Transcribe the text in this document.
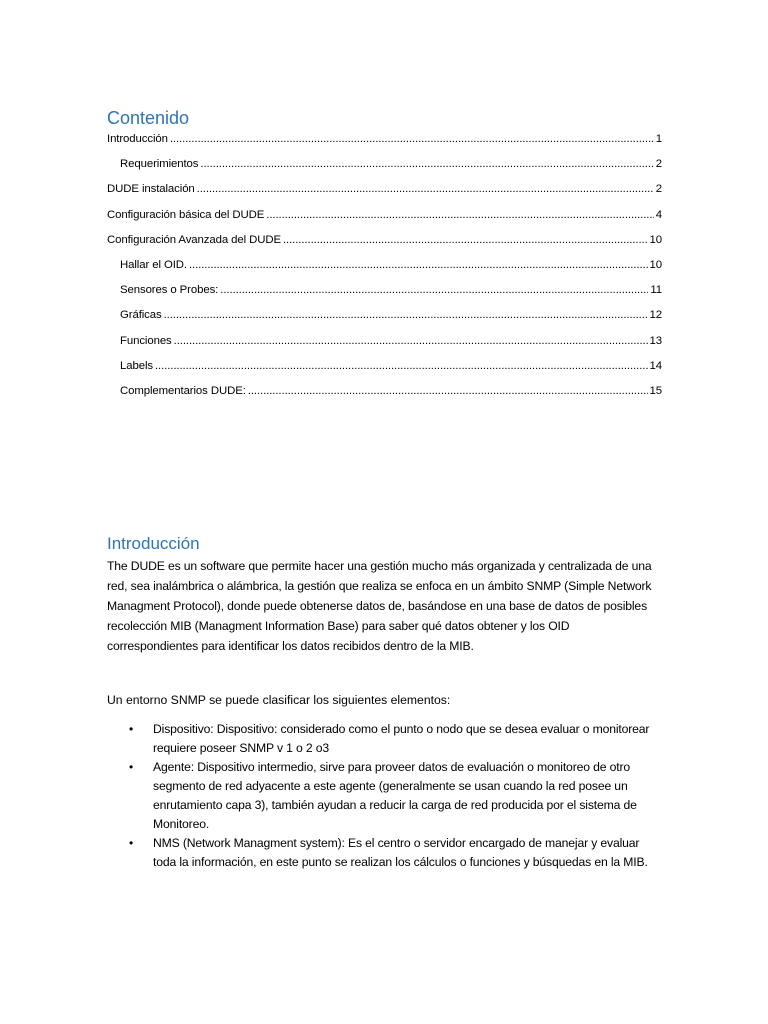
Contenido
Introducción .....	1
Requerimientos .....	2
DUDE instalación .....	2
Configuración básica del DUDE .....	4
Configuración Avanzada del DUDE .....	10
Hallar el OID. .....	10
Sensores o Probes: .....	11
Gráficas .....	12
Funciones .....	13
Labels .....	14
Complementarios DUDE: .....	15
Introducción

The DUDE es un software que permite hacer una gestión mucho más organizada y centralizada de una red, sea inalámbrica o alámbrica, la gestión que realiza se enfoca en un ámbito SNMP (Simple Network Managment Protocol), donde puede obtenerse datos de, basándose en una base de datos de posibles recolección MIB (Managment Information Base) para saber qué datos obtener y los OID correspondientes para identificar los datos recibidos dentro de la MIB.

Un entorno SNMP se puede clasificar los siguientes elementos:

• Dispositivo: Dispositivo: considerado como el punto o nodo que se desea evaluar o monitorear requiere poseer SNMP v 1 o 2 o3
• Agente: Dispositivo intermedio, sirve para proveer datos de evaluación o monitoreo de otro segmento de red adyacente a este agente (generalmente se usan cuando la red posee un enrutamiento capa 3), también ayudan a reducir la carga de red producida por el sistema de Monitoreo.
• NMS (Network Managment system): Es el centro o servidor encargado de manejar y evaluar toda la información, en este punto se realizan los cálculos o funciones y búsquedas en la MIB.
